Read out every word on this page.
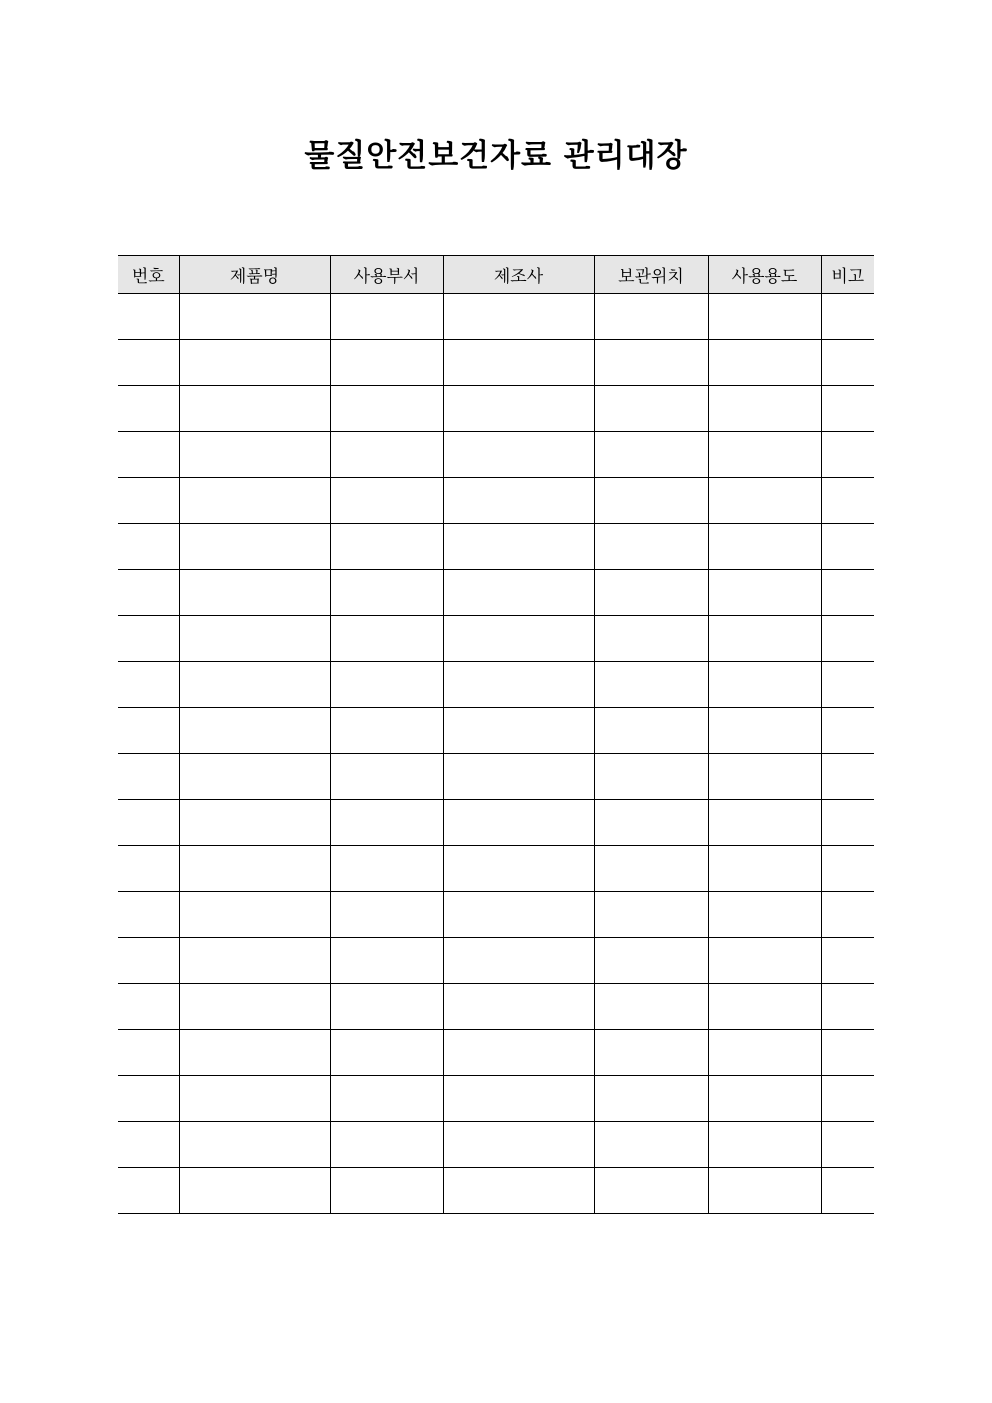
물질안전보건자료 관리대장
번호	제품명	사용부서	제조사	보관위치	사용용도	비고
